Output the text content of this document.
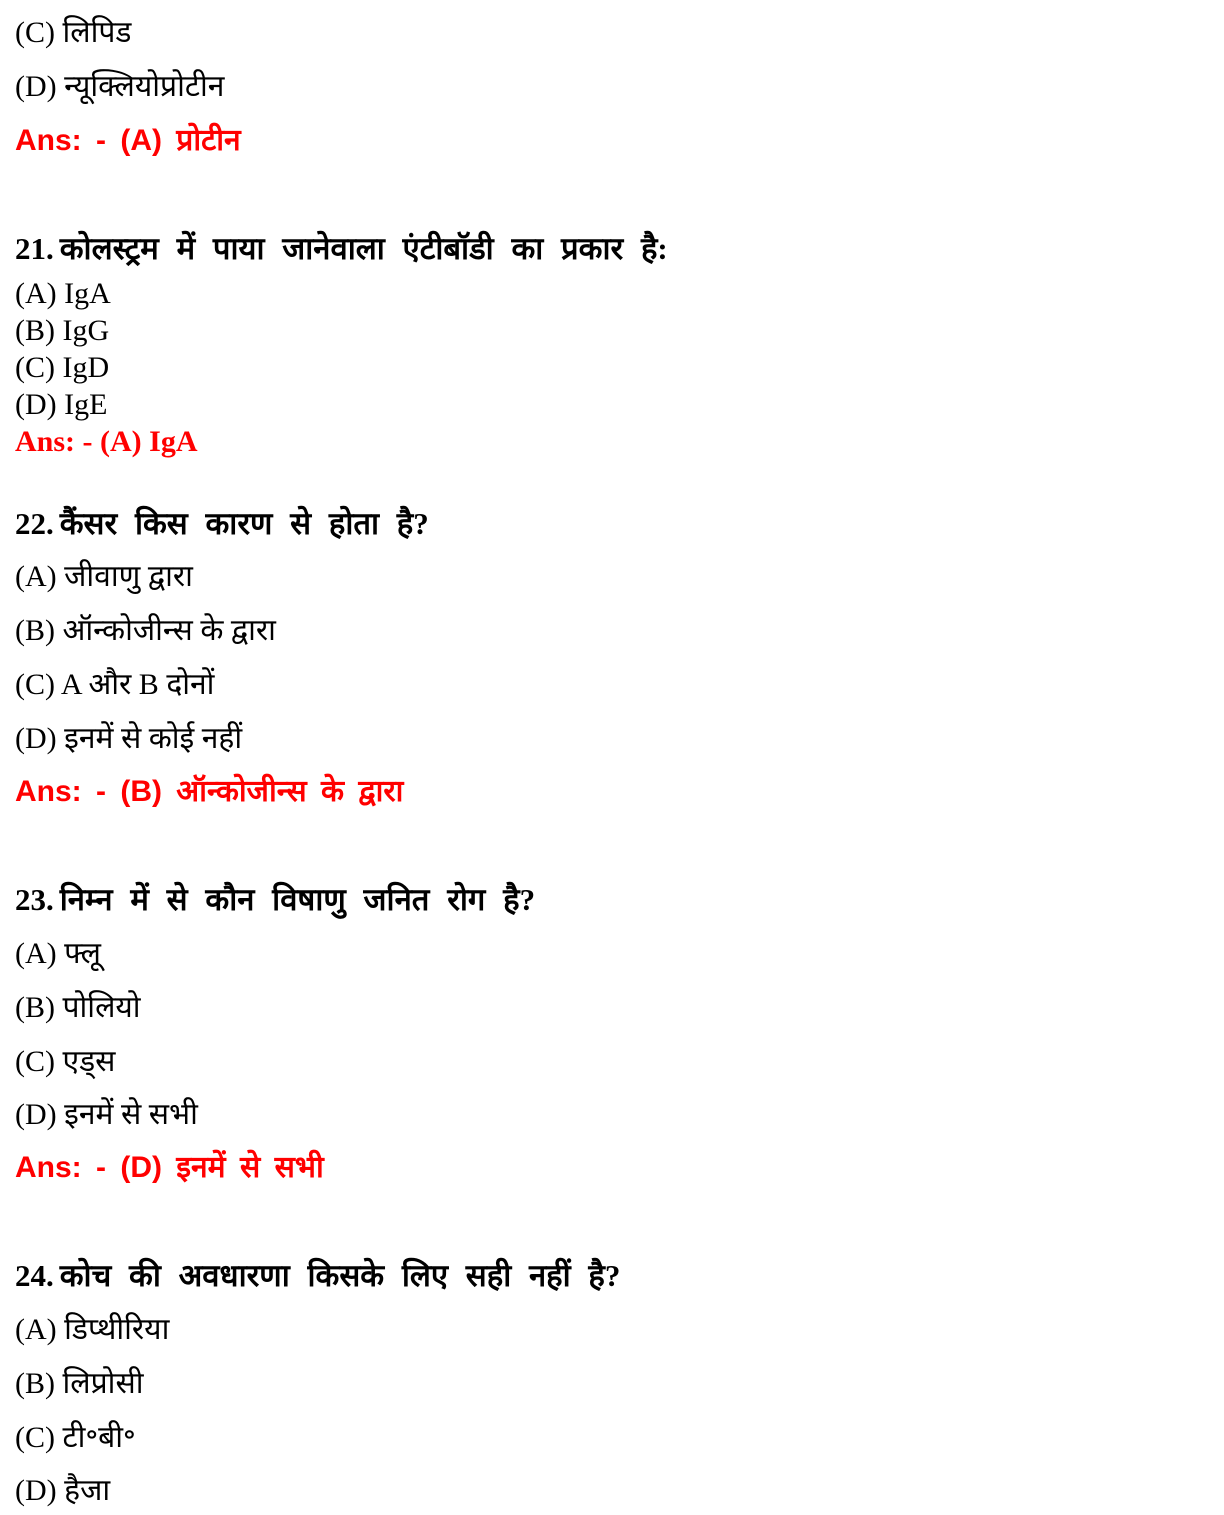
(C) लिपिड
(D) न्यूक्लियोप्रोटीन
Ans: - (A) प्रोटीन
21. कोलस्ट्रम में पाया जानेवाला एंटीबॉडी का प्रकार है:
(A) IgA
(B) IgG
(C) IgD
(D) IgE
Ans: - (A) IgA
22. कैंसर किस कारण से होता है?
(A) जीवाणु द्वारा
(B) ऑन्कोजीन्स के द्वारा
(C) A और B दोनों
(D) इनमें से कोई नहीं
Ans: - (B) ऑन्कोजीन्स के द्वारा
23. निम्न में से कौन विषाणु जनित रोग है?
(A) फ्लू
(B) पोलियो
(C) एड्स
(D) इनमें से सभी
Ans: - (D) इनमें से सभी
24. कोच की अवधारणा किसके लिए सही नहीं है?
(A) डिप्थीरिया
(B) लिप्रोसी
(C) टी॰बी॰
(D) हैजा
